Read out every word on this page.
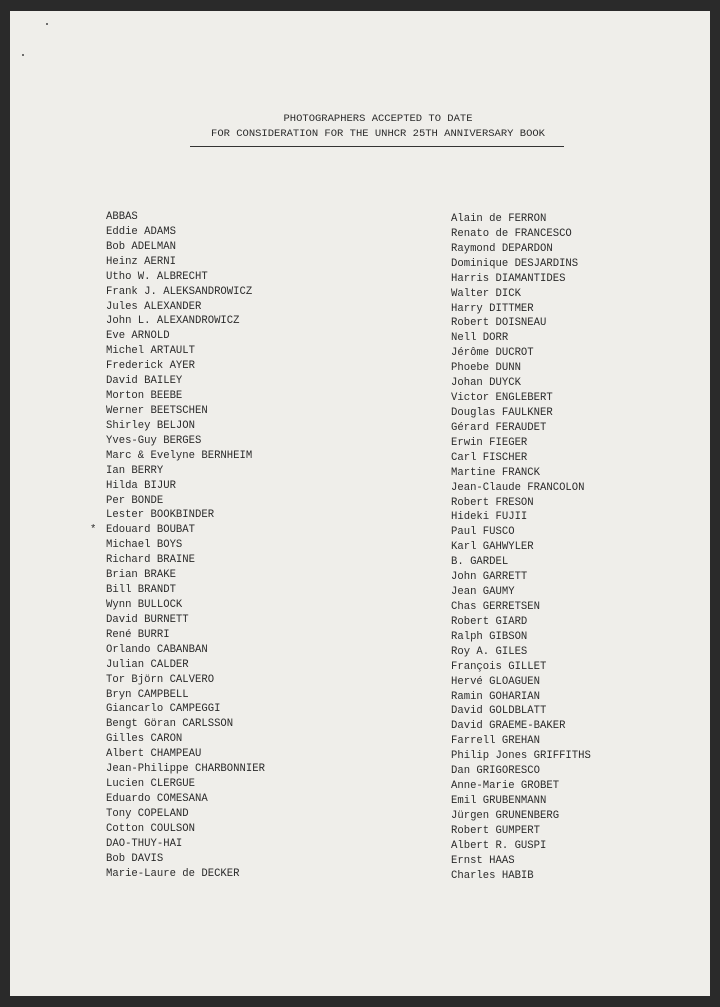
PHOTOGRAPHERS ACCEPTED TO DATE
FOR CONSIDERATION FOR THE UNHCR 25TH ANNIVERSARY BOOK
ABBAS
Eddie ADAMS
Bob ADELMAN
Heinz AERNI
Utho W. ALBRECHT
Frank J. ALEKSANDROWICZ
Jules ALEXANDER
John L. ALEXANDROWICZ
Eve ARNOLD
Michel ARTAULT
Frederick AYER
David BAILEY
Morton BEEBE
Werner BEETSCHEN
Shirley BELJON
Yves-Guy BERGES
Marc & Evelyne BERNHEIM
Ian BERRY
Hilda BIJUR
Per BONDE
Lester BOOKBINDER
Edouard BOUBAT
*
Michael BOYS
Richard BRAINE
Brian BRAKE
Bill BRANDT
Wynn BULLOCK
David BURNETT
René BURRI
Orlando CABANBAN
Julian CALDER
Tor Björn CALVERO
Bryn CAMPBELL
Giancarlo CAMPEGGI
Bengt Göran CARLSSON
Gilles CARON
Albert CHAMPEAU
Jean-Philippe CHARBONNIER
Lucien CLERGUE
Eduardo COMESANA
Tony COPELAND
Cotton COULSON
DAO-THUY-HAI
Bob DAVIS
Marie-Laure de DECKER
Alain de FERRON
Renato de FRANCESCO
Raymond DEPARDON
Dominique DESJARDINS
Harris DIAMANTIDES
Walter DICK
Harry DITTMER
Robert DOISNEAU
Nell DORR
Jérôme DUCROT
Phoebe DUNN
Johan DUYCK
Victor ENGLEBERT
Douglas FAULKNER
Gérard FERAUDET
Erwin FIEGER
Carl FISCHER
Martine FRANCK
Jean-Claude FRANCOLON
Robert FRESON
Hideki FUJII
Paul FUSCO
Karl GAHWYLER
B. GARDEL
John GARRETT
Jean GAUMY
Chas GERRETSEN
Robert GIARD
Ralph GIBSON
Roy A. GILES
François GILLET
Hervé GLOAGUEN
Ramin GOHARIAN
David GOLDBLATT
David GRAEME-BAKER
Farrell GREHAN
Philip Jones GRIFFITHS
Dan GRIGORESCO
Anne-Marie GROBET
Emil GRUBENMANN
Jürgen GRUNENBERG
Robert GUMPERT
Albert R. GUSPI
Ernst HAAS
Charles HABIB
